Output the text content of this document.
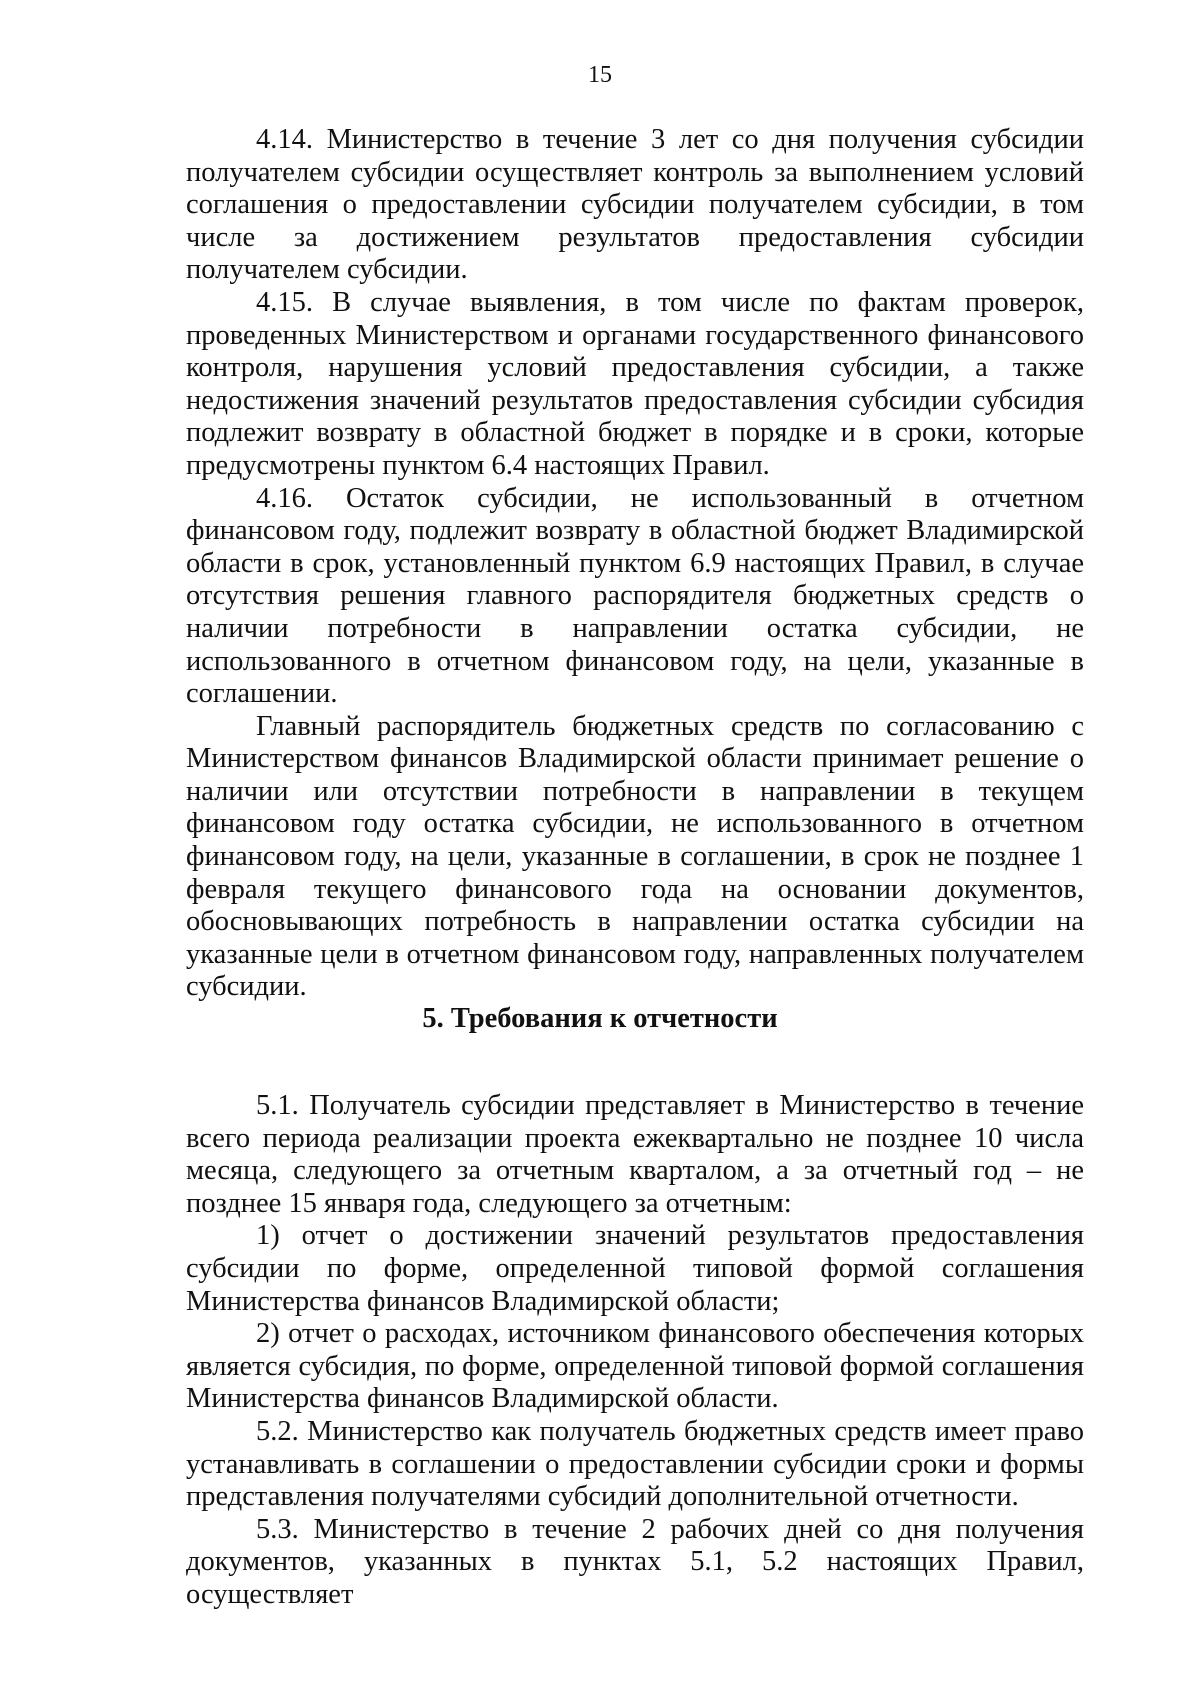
15

4.14. Министерство в течение 3 лет со дня получения субсидии получателем субсидии осуществляет контроль за выполнением условий соглашения о предоставлении субсидии получателем субсидии, в том числе за достижением результатов предоставления субсидии получателем субсидии.

4.15. В случае выявления, в том числе по фактам проверок, проведенных Министерством и органами государственного финансового контроля, нарушения условий предоставления субсидии, а также недостижения значений результатов предоставления субсидии субсидия подлежит возврату в областной бюджет в порядке и в сроки, которые предусмотрены пунктом 6.4 настоящих Правил.

4.16. Остаток субсидии, не использованный в отчетном финансовом году, подлежит возврату в областной бюджет Владимирской области в срок, установленный пунктом 6.9 настоящих Правил, в случае отсутствия решения главного распорядителя бюджетных средств о наличии потребности в направлении остатка субсидии, не использованного в отчетном финансовом году, на цели, указанные в соглашении.

Главный распорядитель бюджетных средств по согласованию с Министерством финансов Владимирской области принимает решение о наличии или отсутствии потребности в направлении в текущем финансовом году остатка субсидии, не использованного в отчетном финансовом году, на цели, указанные в соглашении, в срок не позднее 1 февраля текущего финансового года на основании документов, обосновывающих потребность в направлении остатка субсидии на указанные цели в отчетном финансовом году, направленных получателем субсидии.

5. Требования к отчетности

5.1. Получатель субсидии представляет в Министерство в течение всего периода реализации проекта ежеквартально не позднее 10 числа месяца, следующего за отчетным кварталом, а за отчетный год – не позднее 15 января года, следующего за отчетным:

1) отчет о достижении значений результатов предоставления субсидии по форме, определенной типовой формой соглашения Министерства финансов Владимирской области;

2) отчет о расходах, источником финансового обеспечения которых является субсидия, по форме, определенной типовой формой соглашения Министерства финансов Владимирской области.

5.2. Министерство как получатель бюджетных средств имеет право устанавливать в соглашении о предоставлении субсидии сроки и формы представления получателями субсидий дополнительной отчетности.

5.3. Министерство в течение 2 рабочих дней со дня получения документов, указанных в пунктах 5.1, 5.2 настоящих Правил, осуществляет
